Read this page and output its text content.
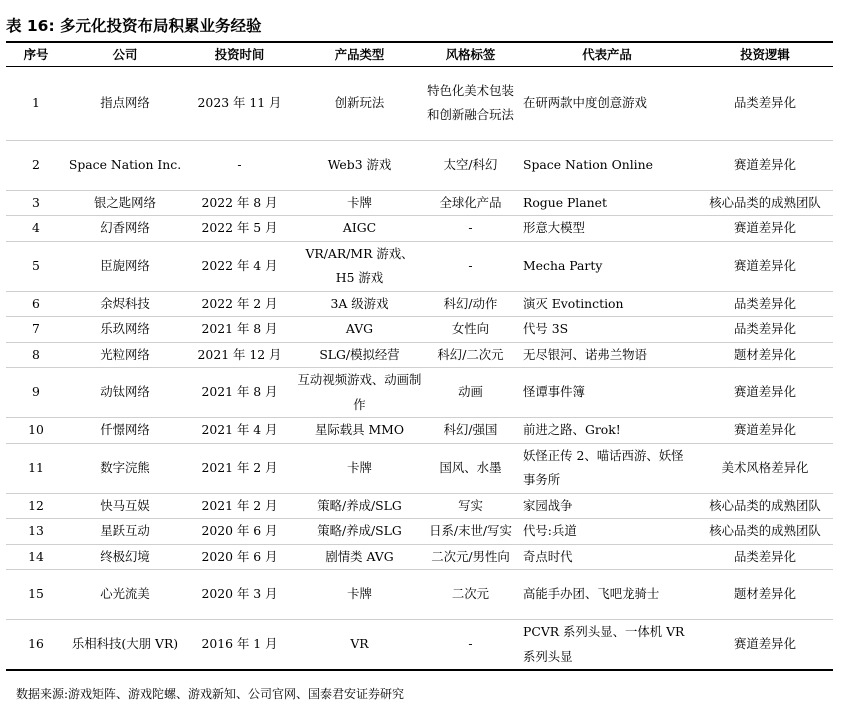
表 16: 多元化投资布局积累业务经验
序号	公司	投资时间	产品类型	风格标签	代表产品	投资逻辑
1	指点网络	2023 年 11 月	创新玩法	特色化美术包装和创新融合玩法	在研两款中度创意游戏	品类差异化
2	Space Nation Inc.	-	Web3 游戏	太空/科幻	Space Nation Online	赛道差异化
3	银之匙网络	2022 年 8 月	卡牌	全球化产品	Rogue Planet	核心品类的成熟团队
4	幻香网络	2022 年 5 月	AIGC	-	形意大模型	赛道差异化
5	臣旎网络	2022 年 4 月	VR/AR/MR 游戏、H5 游戏	-	Mecha Party	赛道差异化
6	余烬科技	2022 年 2 月	3A 级游戏	科幻/动作	演灭 Evotinction	品类差异化
7	乐玖网络	2021 年 8 月	AVG	女性向	代号 3S	品类差异化
8	光粒网络	2021 年 12 月	SLG/模拟经营	科幻/二次元	无尽银河、诺弗兰物语	题材差异化
9	动钛网络	2021 年 8 月	互动视频游戏、动画制作	动画	怪谭事件簿	赛道差异化
10	仟憬网络	2021 年 4 月	星际载具 MMO	科幻/强国	前进之路、Grok!	赛道差异化
11	数字浣熊	2021 年 2 月	卡牌	国风、水墨	妖怪正传 2、喵话西游、妖怪事务所	美术风格差异化
12	快马互娱	2021 年 2 月	策略/养成/SLG	写实	家园战争	核心品类的成熟团队
13	星跃互动	2020 年 6 月	策略/养成/SLG	日系/末世/写实	代号:兵道	核心品类的成熟团队
14	终极幻境	2020 年 6 月	剧情类 AVG	二次元/男性向	奇点时代	品类差异化
15	心光流美	2020 年 3 月	卡牌	二次元	高能手办团、飞吧龙骑士	题材差异化
16	乐相科技(大朋 VR)	2016 年 1 月	VR	-	PCVR 系列头显、一体机 VR 系列头显	赛道差异化
数据来源:游戏矩阵、游戏陀螺、游戏新知、公司官网、国泰君安证券研究
